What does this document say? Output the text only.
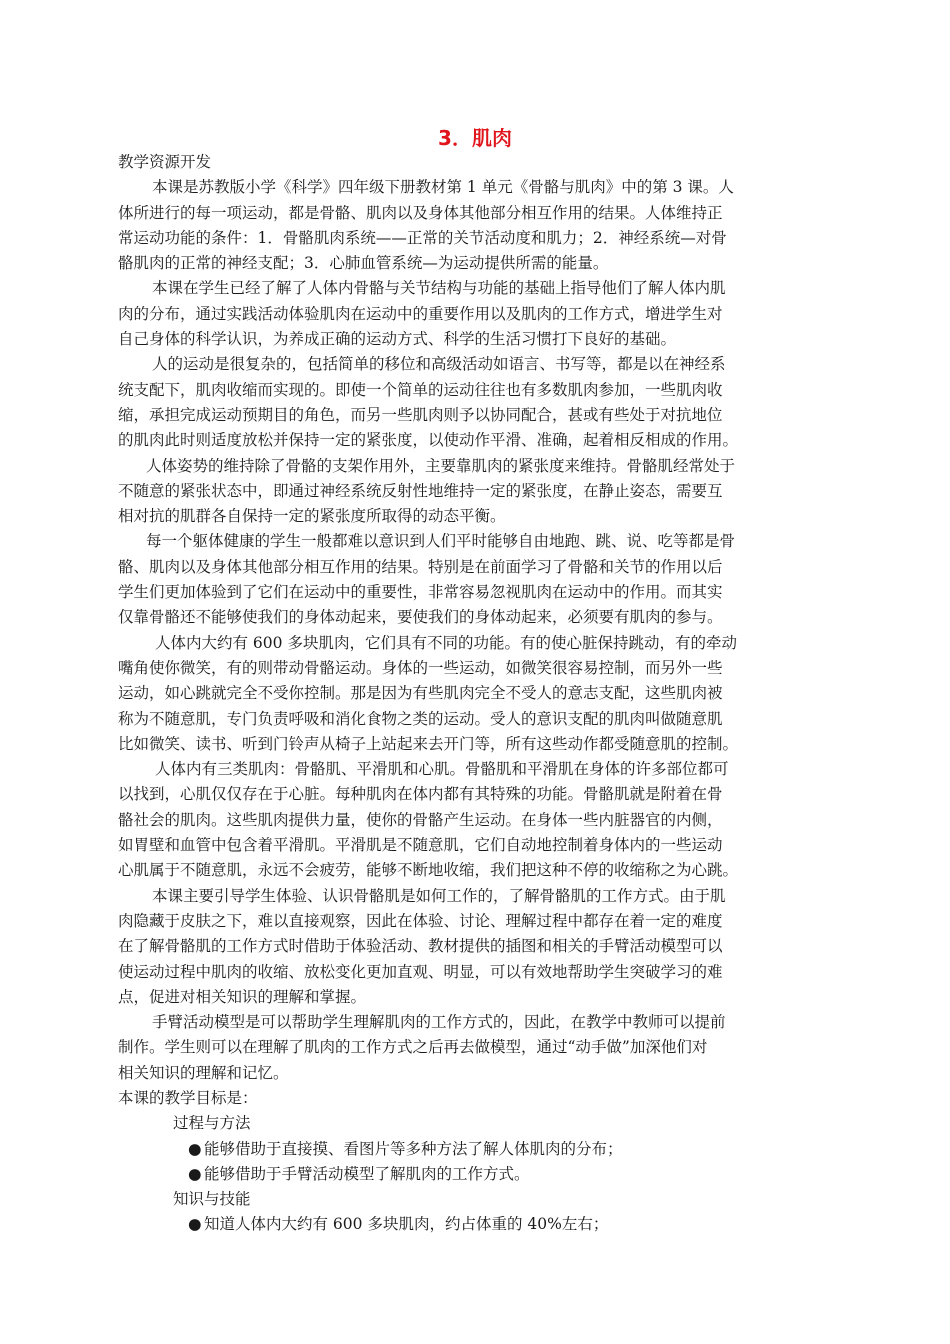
3．肌肉
教学资源开发
本课是苏教版小学《科学》四年级下册教材第 1 单元《骨骼与肌肉》中的第 3 课。人
体所进行的每一项运动，都是骨骼、肌肉以及身体其他部分相互作用的结果。人体维持正
常运动功能的条件：1．骨骼肌肉系统——正常的关节活动度和肌力；2．神经系统—对骨
骼肌肉的正常的神经支配；3．心肺血管系统—为运动提供所需的能量。
本课在学生已经了解了人体内骨骼与关节结构与功能的基础上指导他们了解人体内肌
肉的分布，通过实践活动体验肌肉在运动中的重要作用以及肌肉的工作方式，增进学生对
自己身体的科学认识，为养成正确的运动方式、科学的生活习惯打下良好的基础。
人的运动是很复杂的，包括简单的移位和高级活动如语言、书写等，都是以在神经系
统支配下，肌肉收缩而实现的。即使一个简单的运动往往也有多数肌肉参加，一些肌肉收
缩，承担完成运动预期目的角色，而另一些肌肉则予以协同配合，甚或有些处于对抗地位
的肌肉此时则适度放松并保持一定的紧张度，以使动作平滑、准确，起着相反相成的作用。
人体姿势的维持除了骨骼的支架作用外，主要靠肌肉的紧张度来维持。骨骼肌经常处于
不随意的紧张状态中，即通过神经系统反射性地维持一定的紧张度，在静止姿态，需要互
相对抗的肌群各自保持一定的紧张度所取得的动态平衡。
每一个躯体健康的学生一般都难以意识到人们平时能够自由地跑、跳、说、吃等都是骨
骼、肌肉以及身体其他部分相互作用的结果。特别是在前面学习了骨骼和关节的作用以后
学生们更加体验到了它们在运动中的重要性，非常容易忽视肌肉在运动中的作用。而其实
仅靠骨骼还不能够使我们的身体动起来，要使我们的身体动起来，必须要有肌肉的参与。
人体内大约有 600 多块肌肉，它们具有不同的功能。有的使心脏保持跳动，有的牵动
嘴角使你微笑，有的则带动骨骼运动。身体的一些运动，如微笑很容易控制，而另外一些
运动，如心跳就完全不受你控制。那是因为有些肌肉完全不受人的意志支配，这些肌肉被
称为不随意肌，专门负责呼吸和消化食物之类的运动。受人的意识支配的肌肉叫做随意肌
比如微笑、读书、听到门铃声从椅子上站起来去开门等，所有这些动作都受随意肌的控制。
人体内有三类肌肉：骨骼肌、平滑肌和心肌。骨骼肌和平滑肌在身体的许多部位都可
以找到，心肌仅仅存在于心脏。每种肌肉在体内都有其特殊的功能。骨骼肌就是附着在骨
骼社会的肌肉。这些肌肉提供力量，使你的骨骼产生运动。在身体一些内脏器官的内侧，
如胃壁和血管中包含着平滑肌。平滑肌是不随意肌，它们自动地控制着身体内的一些运动
心肌属于不随意肌，永远不会疲劳，能够不断地收缩，我们把这种不停的收缩称之为心跳。
本课主要引导学生体验、认识骨骼肌是如何工作的，了解骨骼肌的工作方式。由于肌
肉隐藏于皮肤之下，难以直接观察，因此在体验、讨论、理解过程中都存在着一定的难度
在了解骨骼肌的工作方式时借助于体验活动、教材提供的插图和相关的手臂活动模型可以
使运动过程中肌肉的收缩、放松变化更加直观、明显，可以有效地帮助学生突破学习的难
点，促进对相关知识的理解和掌握。
手臂活动模型是可以帮助学生理解肌肉的工作方式的，因此，在教学中教师可以提前
制作。学生则可以在理解了肌肉的工作方式之后再去做模型，通过“动手做”加深他们对
相关知识的理解和记忆。
本课的教学目标是：
过程与方法
● 能够借助于直接摸、看图片等多种方法了解人体肌肉的分布；
● 能够借助于手臂活动模型了解肌肉的工作方式。
知识与技能
● 知道人体内大约有 600 多块肌肉，约占体重的 40%左右；
